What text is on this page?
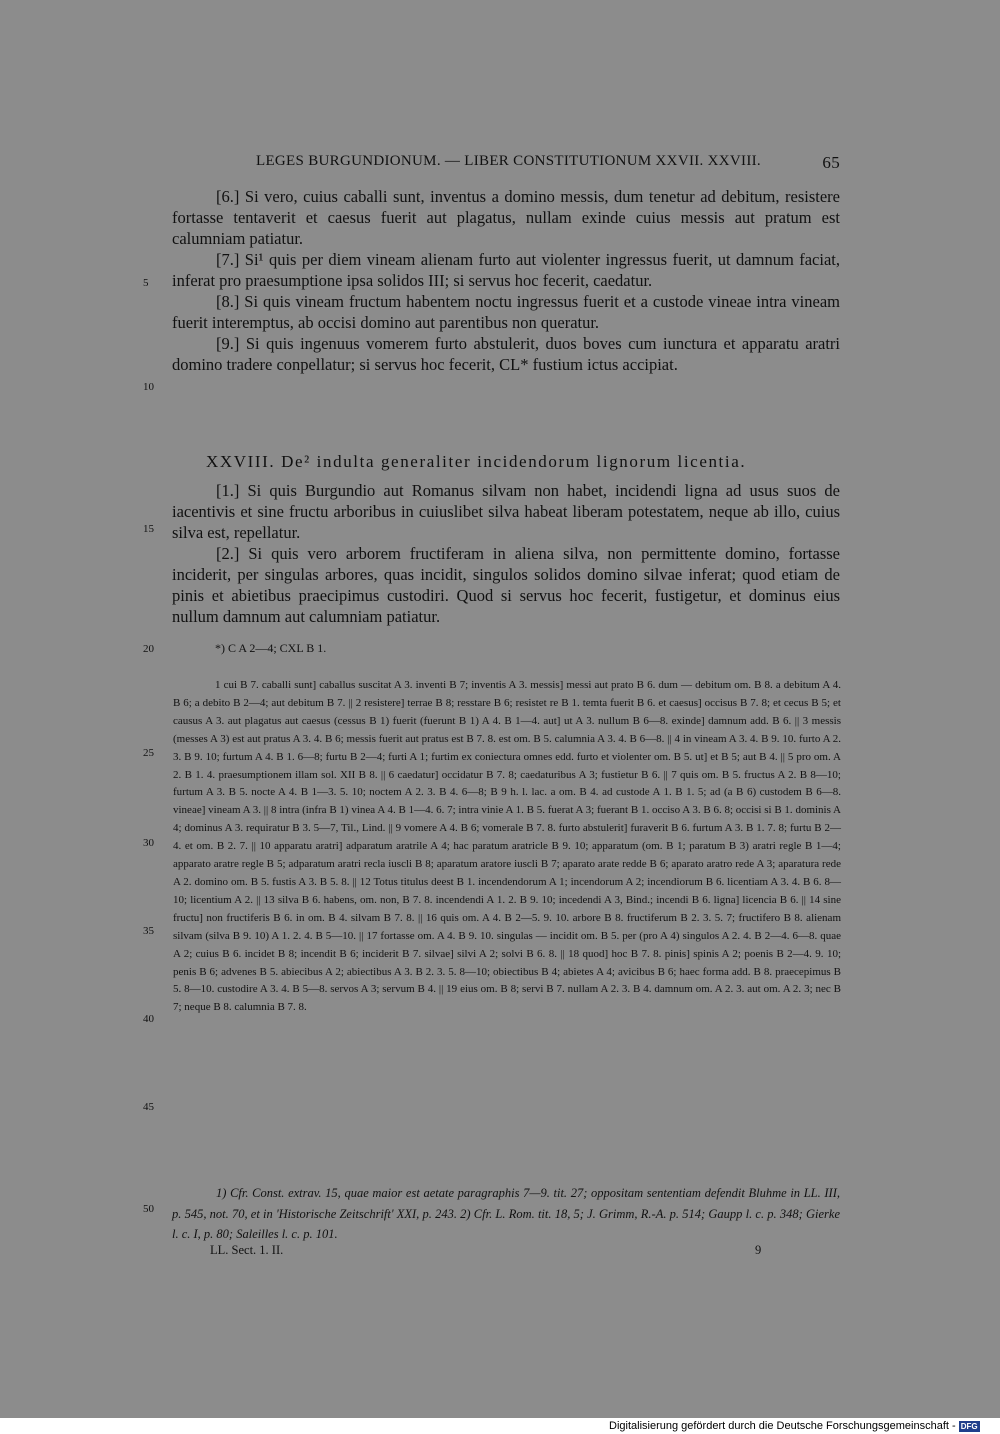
LEGES BURGUNDIONUM. — LIBER CONSTITUTIONUM XXVII. XXVIII.	65
[6.] Si vero, cuius caballi sunt, inventus a domino messis, dum tenetur ad debitum, resistere fortasse tentaverit et caesus fuerit aut plagatus, nullam exinde cuius messis aut pratum est calumniam patiatur.
[7.] Si¹ quis per diem vineam alienam furto aut violenter ingressus fuerit, ut damnum faciat, inferat pro praesumptione ipsa solidos III; si servus hoc fecerit, caedatur.
[8.] Si quis vineam fructum habentem noctu ingressus fuerit et a custode vineae intra vineam fuerit interemptus, ab occisi domino aut parentibus non queratur.
[9.] Si quis ingenuus vomerem furto abstulerit, duos boves cum iunctura et apparatu aratri domino tradere conpellatur; si servus hoc fecerit, CL* fustium ictus accipiat.
XXVIII. De² indulta generaliter incidendorum lignorum licentia.
[1.] Si quis Burgundio aut Romanus silvam non habet, incidendi ligna ad usus suos de iacentivis et sine fructu arboribus in cuiuslibet silva habeat liberam potestatem, neque ab illo, cuius silva est, repellatur.
[2.] Si quis vero arborem fructiferam in aliena silva, non permittente domino, fortasse inciderit, per singulas arbores, quas incidit, singulos solidos domino silvae inferat; quod etiam de pinis et abietibus praecipimus custodiri. Quod si servus hoc fecerit, fustigetur, et dominus eius nullum damnum aut calumniam patiatur.
5
10
15
20
25
30
35
40
45
50
*) C A 2—4; CXL B 1.
1 cui B 7. caballi sunt] caballus suscitat A 3. inventi B 7; inventis A 3. messis] messi aut prato B 6. dum — debitum om. B 8. a debitum A 4. B 6; a debito B 2—4; aut debitum B 7. || 2 resistere] terrae B 8; resstare B 6; resistet re B 1. temta fuerit B 6. et caesus] occisus B 7. 8; et cecus B 5; et causus A 3. aut plagatus aut caesus (cessus B 1) fuerit (fuerunt B 1) A 4. B 1—4. aut] ut A 3. nullum B 6—8. exinde] damnum add. B 6. || 3 messis (messes A 3) est aut pratus A 3. 4. B 6; messis fuerit aut pratus est B 7. 8. est om. B 5. calumnia A 3. 4. B 6—8. || 4 in vineam A 3. 4. B 9. 10. furto A 2. 3. B 9. 10; furtum A 4. B 1. 6—8; furtu B 2—4; furti A 1; furtim ex coniectura omnes edd. furto et violenter om. B 5. ut] et B 5; aut B 4. || 5 pro om. A 2. B 1. 4. praesumptionem illam sol. XII B 8. || 6 caedatur] occidatur B 7. 8; caedaturibus A 3; fustietur B 6. || 7 quis om. B 5. fructus A 2. B 8—10; furtum A 3. B 5. nocte A 4. B 1—3. 5. 10; noctem A 2. 3. B 4. 6—8; B 9 h. l. lac. a om. B 4. ad custode A 1. B 1. 5; ad (a B 6) custodem B 6—8. vineae] vineam A 3. || 8 intra (infra B 1) vinea A 4. B 1—4. 6. 7; intra vinie A 1. B 5. fuerat A 3; fuerant B 1. occiso A 3. B 6. 8; occisi si B 1. dominis A 4; dominus A 3. requiratur B 3. 5—7, Til., Lind. || 9 vomere A 4. B 6; vomerale B 7. 8. furto abstulerit] furaverit B 6. furtum A 3. B 1. 7. 8; furtu B 2—4. et om. B 2. 7. || 10 apparatu aratri] adparatum aratrile A 4; hac paratum aratricle B 9. 10; apparatum (om. B 1; paratum B 3) aratri regle B 1—4; apparato aratre regle B 5; adparatum aratri recla iuscli B 8; aparatum aratore iuscli B 7; aparato arate redde B 6; aparato aratro rede A 3; aparatura rede A 2. domino om. B 5. fustis A 3. B 5. 8. || 12 Totus titulus deest B 1. incendendorum A 1; incendorum A 2; incendiorum B 6. licentiam A 3. 4. B 6. 8—10; licentium A 2. || 13 silva B 6. habens, om. non, B 7. 8. incendendi A 1. 2. B 9. 10; incedendi A 3, Bind.; incendi B 6. ligna] licencia B 6. || 14 sine fructu] non fructiferis B 6. in om. B 4. silvam B 7. 8. || 16 quis om. A 4. B 2—5. 9. 10. arbore B 8. fructiferum B 2. 3. 5. 7; fructifero B 8. alienam silvam (silva B 9. 10) A 1. 2. 4. B 5—10. || 17 fortasse om. A 4. B 9. 10. singulas — incidit om. B 5. per (pro A 4) singulos A 2. 4. B 2—4. 6—8. quae A 2; cuius B 6. incidet B 8; incendit B 6; inciderit B 7. silvae] silvi A 2; solvi B 6. 8. || 18 quod] hoc B 7. 8. pinis] spinis A 2; poenis B 2—4. 9. 10; penis B 6; advenes B 5. abiecibus A 2; abiectibus A 3. B 2. 3. 5. 8—10; obiectibus B 4; abietes A 4; avicibus B 6; haec forma add. B 8. praecepimus B 5. 8—10. custodire A 3. 4. B 5—8. servos A 3; servum B 4. || 19 eius om. B 8; servi B 7. nullam A 2. 3. B 4. damnum om. A 2. 3. aut om. A 2. 3; nec B 7; neque B 8. calumnia B 7. 8.
1) Cfr. Const. extrav. 15, quae maior est aetate paragraphis 7—9. tit. 27; oppositam sententiam defendit Bluhme in LL. III, p. 545, not. 70, et in 'Historische Zeitschrift' XXI, p. 243. 2) Cfr. L. Rom. tit. 18, 5; J. Grimm, R.-A. p. 514; Gaupp l. c. p. 348; Gierke l. c. I, p. 80; Saleilles l. c. p. 101.
LL. Sect. 1. II.	9
Digitalisierung gefördert durch die Deutsche Forschungsgemeinschaft - DFG
